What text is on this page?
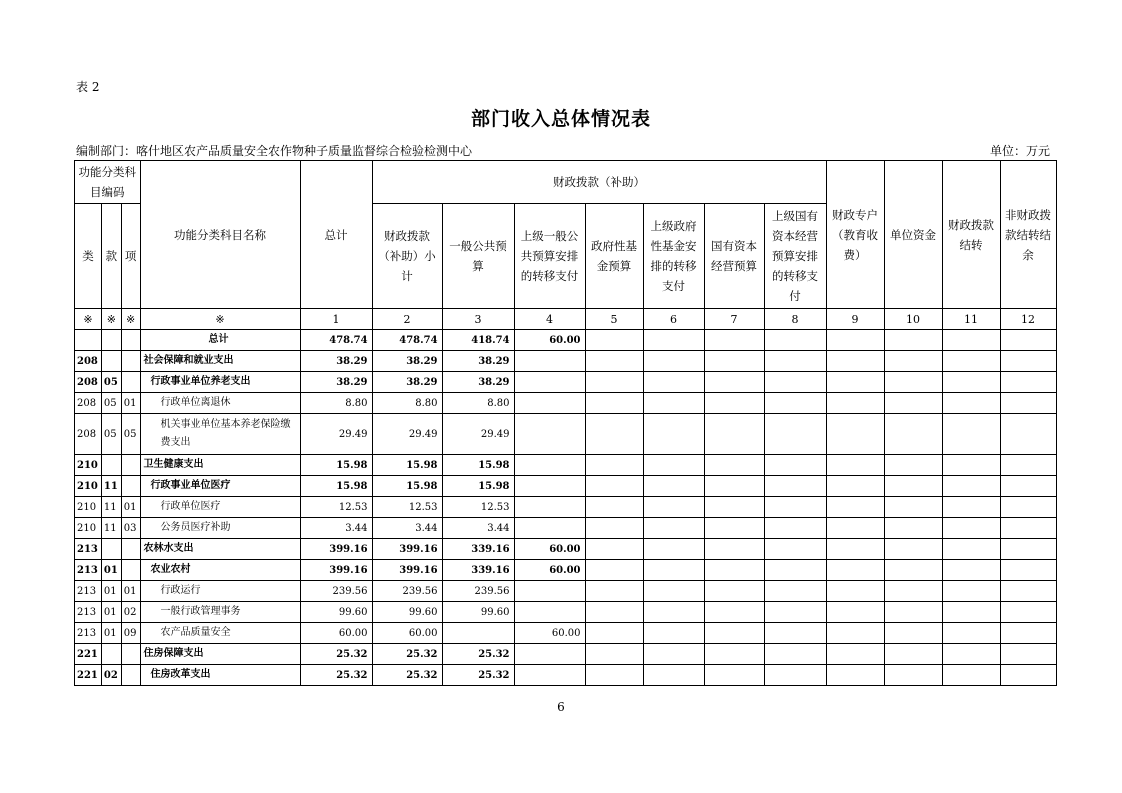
表 2
部门收入总体情况表
编制部门：喀什地区农产品质量安全农作物种子质量监督综合检验检测中心	单位：万元
功能分类科目编码			功能分类科目名称	总计	财政拨款（补助）							财政专户（教育收费）	单位资金	财政拨款结转	非财政拨款结转结余
类	款	项			财政拨款（补助）小计	一般公共预算	上级一般公共预算安排的转移支付	政府性基金预算	上级政府性基金安排的转移支付	国有资本经营预算	上级国有资本经营预算安排的转移支付				
※	※	※	※	1	2	3	4	5	6	7	8	9	10	11	12
			总计	478.74	478.74	418.74	60.00								
208			社会保障和就业支出	38.29	38.29	38.29									
208	05		行政事业单位养老支出	38.29	38.29	38.29									
208	05	01	行政单位离退休	8.80	8.80	8.80									
208	05	05	机关事业单位基本养老保险缴费支出	29.49	29.49	29.49									
210			卫生健康支出	15.98	15.98	15.98									
210	11		行政事业单位医疗	15.98	15.98	15.98									
210	11	01	行政单位医疗	12.53	12.53	12.53									
210	11	03	公务员医疗补助	3.44	3.44	3.44									
213			农林水支出	399.16	399.16	339.16	60.00								
213	01		农业农村	399.16	399.16	339.16	60.00								
213	01	01	行政运行	239.56	239.56	239.56									
213	01	02	一般行政管理事务	99.60	99.60	99.60									
213	01	09	农产品质量安全	60.00	60.00		60.00								
221			住房保障支出	25.32	25.32	25.32									
221	02		住房改革支出	25.32	25.32	25.32									
6
